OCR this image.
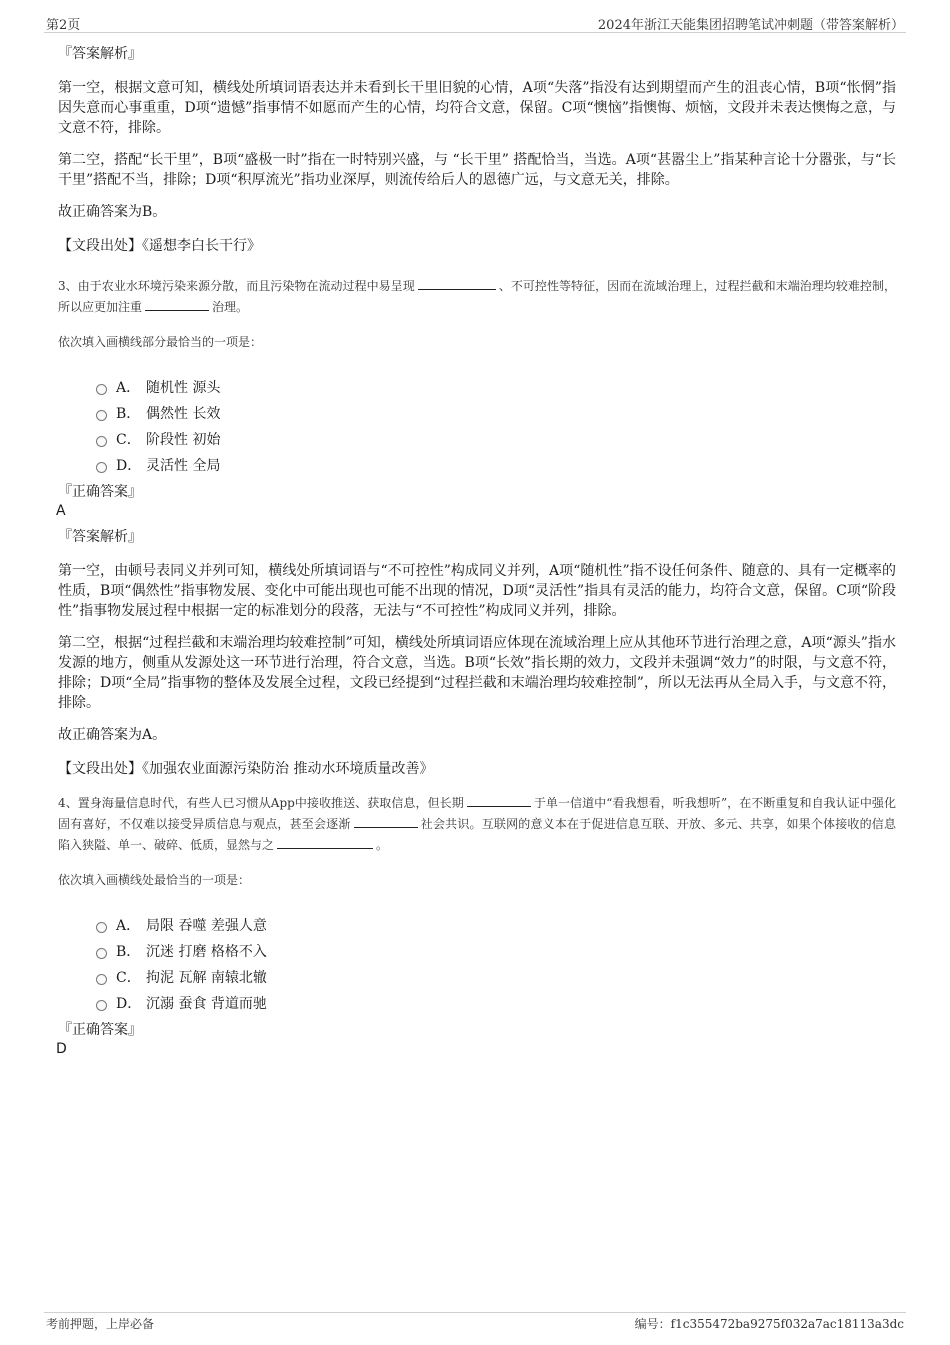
第2页	2024年浙江天能集团招聘笔试冲刺题（带答案解析）

『答案解析』

第一空，根据文意可知，横线处所填词语表达并未看到长干里旧貌的心情，A项“失落”指没有达到期望而产生的沮丧心情，B项“怅惘”指因失意而心事重重，D项“遗憾”指事情不如愿而产生的心情，均符合文意，保留。C项“懊恼”指懊悔、烦恼，文段并未表达懊悔之意，与文意不符，排除。

第二空，搭配“长干里”，B项“盛极一时”指在一时特别兴盛，与 “长干里” 搭配恰当，当选。A项“甚嚣尘上”指某种言论十分嚣张，与“长干里”搭配不当，排除；D项“积厚流光”指功业深厚，则流传给后人的恩德广远，与文意无关，排除。

故正确答案为B。

【文段出处】《遥想李白长干行》

3、由于农业水环境污染来源分散，而且污染物在流动过程中易呈现	、不可控性等特征，因而在流域治理上，过程拦截和末端治理均较难控制，所以应更加注重	治理。

依次填入画横线部分最恰当的一项是：

A． 随机性 源头
B． 偶然性 长效
C． 阶段性 初始
D． 灵活性 全局

『正确答案』

A

『答案解析』

第一空，由顿号表同义并列可知，横线处所填词语与“不可控性”构成同义并列，A项“随机性”指不设任何条件、随意的、具有一定概率的性质，B项“偶然性”指事物发展、变化中可能出现也可能不出现的情况，D项“灵活性”指具有灵活的能力，均符合文意，保留。C项“阶段性”指事物发展过程中根据一定的标准划分的段落，无法与“不可控性”构成同义并列，排除。

第二空，根据“过程拦截和末端治理均较难控制”可知，横线处所填词语应体现在流域治理上应从其他环节进行治理之意，A项“源头”指水发源的地方，侧重从发源处这一环节进行治理，符合文意，当选。B项“长效”指长期的效力，文段并未强调“效力”的时限，与文意不符，排除；D项“全局”指事物的整体及发展全过程，文段已经提到“过程拦截和末端治理均较难控制”，所以无法再从全局入手，与文意不符，排除。

故正确答案为A。

【文段出处】《加强农业面源污染防治 推动水环境质量改善》

4、置身海量信息时代，有些人已习惯从App中接收推送、获取信息，但长期	于单一信道中“看我想看，听我想听”，在不断重复和自我认证中强化固有喜好，不仅难以接受异质信息与观点，甚至会逐渐	社会共识。互联网的意义本在于促进信息互联、开放、多元、共享，如果个体接收的信息陷入狭隘、单一、破碎、低质，显然与之	。

依次填入画横线处最恰当的一项是：

A． 局限 吞噬 差强人意
B． 沉迷 打磨 格格不入
C． 拘泥 瓦解 南辕北辙
D． 沉溺 蚕食 背道而驰

『正确答案』

D

考前押题，上岸必备	编号：f1c355472ba9275f032a7ac18113a3dc
